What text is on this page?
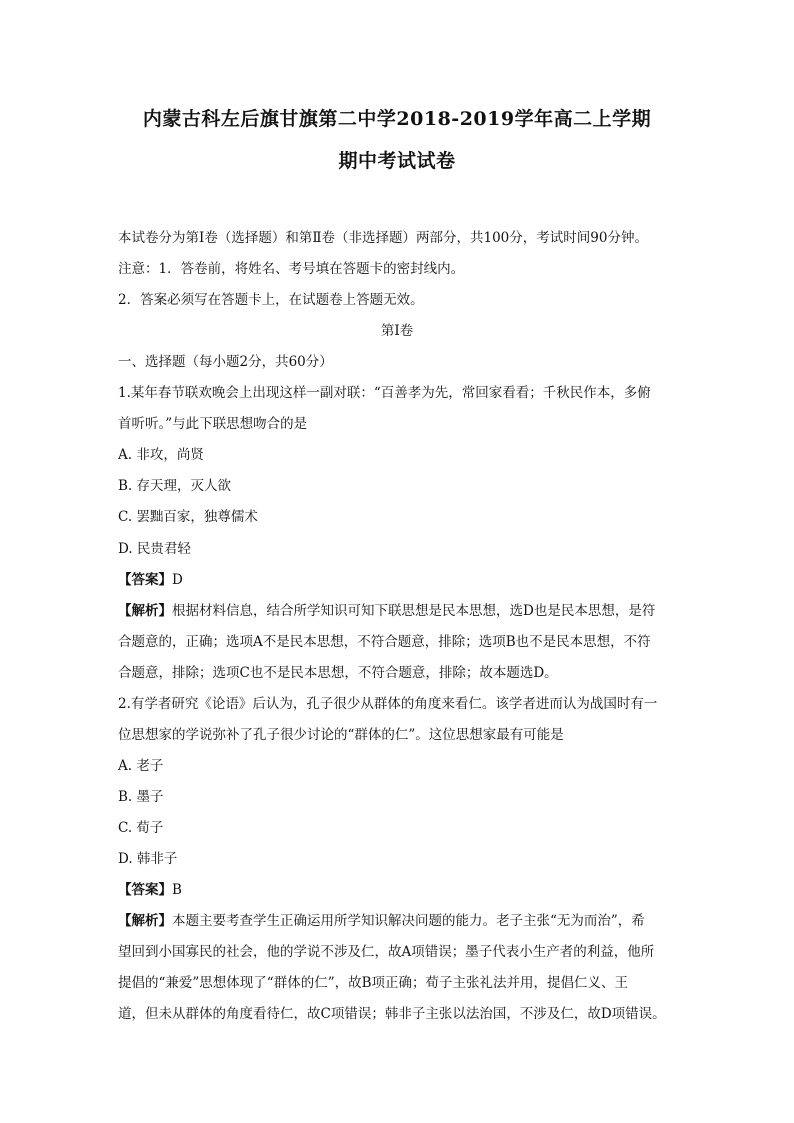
内蒙古科左后旗甘旗第二中学2018-2019学年高二上学期
期中考试试卷
本试卷分为第Ⅰ卷（选择题）和第Ⅱ卷（非选择题）两部分，共100分，考试时间90分钟。
注意：1．答卷前，将姓名、考号填在答题卡的密封线内。
2．答案必须写在答题卡上，在试题卷上答题无效。
第Ⅰ卷
一、选择题（每小题2分，共60分）
1.某年春节联欢晚会上出现这样一副对联：“百善孝为先，常回家看看；千秋民作本，多俯
首听听。”与此下联思想吻合的是
A. 非攻，尚贤
B. 存天理，灭人欲
C. 罢黜百家，独尊儒术
D. 民贵君轻
【答案】D
【解析】根据材料信息，结合所学知识可知下联思想是民本思想，选D也是民本思想，是符
合题意的，正确；选项A不是民本思想，不符合题意，排除；选项B也不是民本思想，不符
合题意，排除；选项C也不是民本思想，不符合题意，排除；故本题选D。
2.有学者研究《论语》后认为，孔子很少从群体的角度来看仁。该学者进而认为战国时有一
位思想家的学说弥补了孔子很少讨论的“群体的仁”。这位思想家最有可能是
A. 老子
B. 墨子
C. 荀子
D. 韩非子
【答案】B
【解析】本题主要考查学生正确运用所学知识解决问题的能力。老子主张“无为而治”，希
望回到小国寡民的社会，他的学说不涉及仁，故A项错误；墨子代表小生产者的利益，他所
提倡的“兼爱”思想体现了“群体的仁”，故B项正确；荀子主张礼法并用，提倡仁义、王
道，但未从群体的角度看待仁，故C项错误；韩非子主张以法治国，不涉及仁，故D项错误。
